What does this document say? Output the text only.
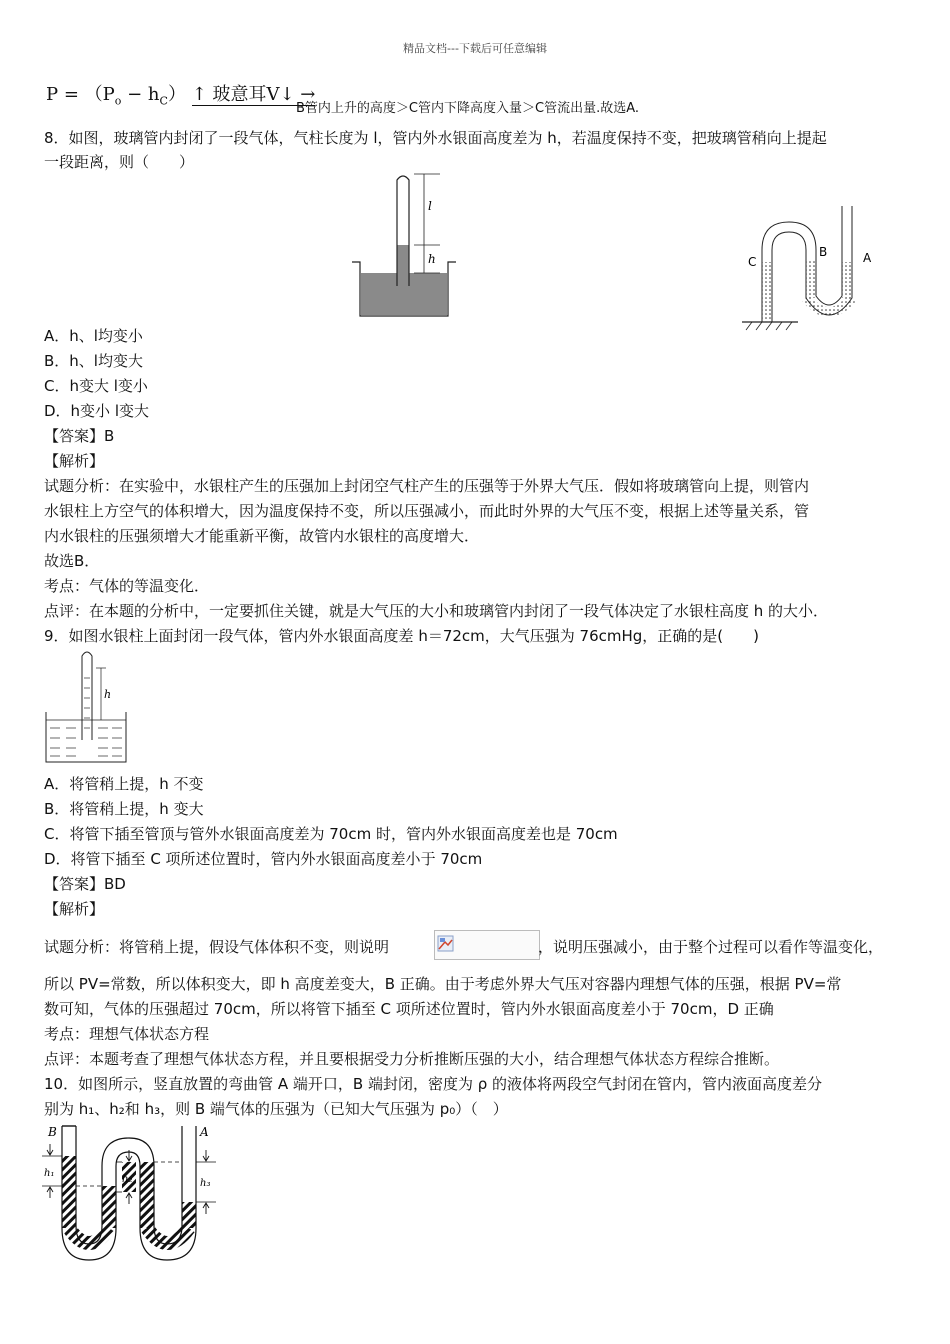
精品文档---下载后可任意编辑
$P = (P_o - h_C)$ ↑ 玻意耳V↓ →
B管内上升的高度＞C管内下降高度入量＞C管流出量.故选A.
8．如图，玻璃管内封闭了一段气体，气柱长度为 l，管内外水银面高度差为 h，若温度保持不变，把玻璃管稍向上提起
一段距离，则（　　）
l
h	C
B	A
A．h、l均变小
B．h、l均变大
C．h变大 l变小
D．h变小 l变大
【答案】B
【解析】
试题分析：在实验中，水银柱产生的压强加上封闭空气柱产生的压强等于外界大气压．假如将玻璃管向上提，则管内
水银柱上方空气的体积增大，因为温度保持不变，所以压强减小，而此时外界的大气压不变，根据上述等量关系，管
内水银柱的压强须增大才能重新平衡，故管内水银柱的高度增大．
故选B．
考点：气体的等温变化．
点评：在本题的分析中，一定要抓住关键，就是大气压的大小和玻璃管内封闭了一段气体决定了水银柱高度 h 的大小．
9．如图水银柱上面封闭一段气体，管内外水银面高度差 h＝72cm，大气压强为 76cmHg，正确的是(　　)
h
A．将管稍上提，h 不变
B．将管稍上提，h 变大
C．将管下插至管顶与管外水银面高度差为 70cm 时，管内外水银面高度差也是 70cm
D．将管下插至 C 项所述位置时，管内外水银面高度差小于 70cm
【答案】BD
【解析】
试题分析：将管稍上提，假设气体体积不变，则说明	，说明压强减小，由于整个过程可以看作等温变化，
所以 PV=常数，所以体积变大，即 h 高度差变大，B 正确。由于考虑外界大气压对容器内理想气体的压强，根据 PV=常
数可知，气体的压强超过 70cm，所以将管下插至 C 项所述位置时，管内外水银面高度差小于 70cm，D 正确
考点：理想气体状态方程
点评：本题考查了理想气体状态方程，并且要根据受力分析推断压强的大小，结合理想气体状态方程综合推断。
10．如图所示，竖直放置的弯曲管 A 端开口，B 端封闭，密度为 ρ 的液体将两段空气封闭在管内，管内液面高度差分
别为 h₁、h₂和 h₃，则 B 端气体的压强为（已知大气压强为 p₀）（　）
B	A
h₁
h₂	h₃
